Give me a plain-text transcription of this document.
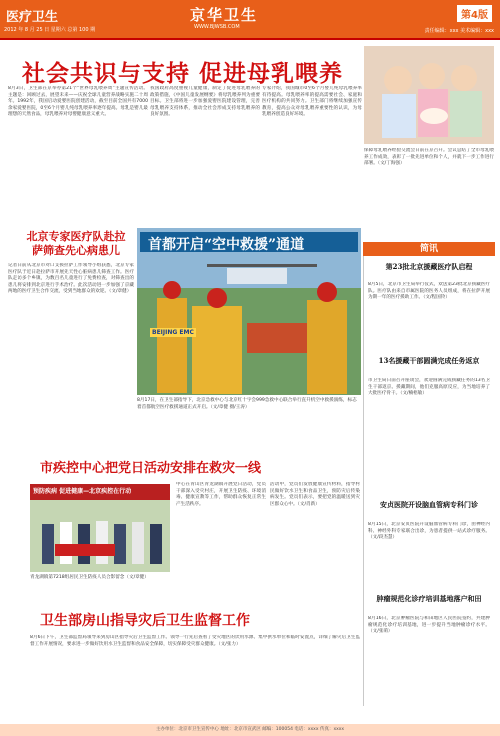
医疗卫生	京华卫生
WWW.BJWSB.COM
第4版
2012 年 8 月 25 日 星期六 总第 100 期	责任编辑：xxx 美术编辑：xxx
社会共识与支持 促进母乳喂养
8月3日，卫生部在京举办第21个“世界母乳喂养周”主题宣传活动。主题是：回顾过去，展望未来——庆祝全球儿童营养战略实施二十周年。1992年，我国启动爱婴医院创建活动，截至目前全国共有7000余家爱婴医院，0至6个月婴儿纯母乳喂养率逐年提高。母乳是婴儿最理想的天然食品，母乳喂养对母婴健康意义重大。
我国政府高度重视儿童健康，制定了促进母乳喂养的政策措施，《中国儿童发展纲要》将母乳喂养列为重要目标。卫生部将进一步加强爱婴医院建设管理，完善母乳喂养支持体系，推动全社会形成支持母乳喂养的良好氛围。
专家介绍，我国城市0至6个月婴儿纯母乳喂养率有待提高。母乳喂养率的提高需要社会、家庭和医疗机构的共同努力。卫生部门将继续加强宣传教育，提高公众对母乳喂养重要性的认识，为母乳喂养创造良好环境。
保障母乳喂养经验交流会日前在京召开。会议总结了全市母乳喂养工作成效，表彰了一批先进单位和个人，并就下一步工作进行部署。（文/丁海强）
北京专家医疗队赴拉萨筛查先心病患儿
记者日前从北京市对口支援拉萨工作领导小组获悉，北京专家医疗队于近日赴拉萨市开展先天性心脏病患儿筛查工作。医疗队走访多个乡镇，为数百名儿童进行了免费检查，对筛查出的患儿将安排到北京进行手术治疗。此次活动进一步加强了京藏两地的医疗卫生合作交流，受到当地群众的欢迎。（文/章健）
首都开启“空中救援”通道
BEIJING EMC
8月17日，在卫生部指导下，北京急救中心与北京红十字会999急救中心联合举行直升机空中救援演练，标志着首都航空医疗救援通道正式开启。（文/章健 摄/王涛）
市疾控中心把党日活动安排在救灾一线
预防疾病 促进健康—北京疾控在行动
青龙湖镇第7218组居民卫生防疫人员合影留念（文/章健）
中心在青山区青龙湖镇开展党日活动，党员干部深入受灾村庄，开展卫生防疫、环境消毒、健康宣教等工作，帮助群众恢复正常生产生活秩序。
活动中，党员们发放健康宣传材料，指导村民做好饮水卫生和食品卫生，预防灾后传染病发生。党员们表示，要把党的温暖送到灾区群众心中。（文/肖新）
卫生部房山指导灾后卫生监督工作
8月6日下午，卫生部监督局领导来到房山区指导灾后卫生监督工作。领导一行先后查看了受灾地区的饮用水源、集中供水单位和临时安置点，详细了解灾后卫生监督工作开展情况，要求进一步做好饮用水卫生监督和食品安全保障，切实保障受灾群众健康。（文/张力）
简讯
第23批北京援藏医疗队启程
8月5日，北京市卫生局举行仪式，欢送第23批北京援藏医疗队。医疗队由来自市属医院的医务人员组成，将在拉萨开展为期一年的医疗援助工作。（文/程国铃）
13名援藏干部圆满完成任务返京
市卫生局日前召开座谈会，欢迎圆满完成援藏任务的13名卫生干部返京。援藏期间，他们克服高原反应，为当地培养了大批医疗骨干。（文/楠梧敏）
安贞医院开设脑血管病专科门诊
8月15日，北京安贞医院开设脑血管病专科门诊，由神经内科、神经外科专家联合出诊，为患者提供一站式诊疗服务。（文/段杰慧）
肿瘤规范化诊疗培训基地落户和田
8月16日，北京肿瘤医院与和田地区人民医院签约，共建肿瘤规范化诊疗培训基地，进一步提升当地肿瘤诊疗水平。（文/张萌）
主办单位：北京市卫生宣传中心 地址：北京市宣武区 邮编：100054 电话：xxxx 传真：xxxx
